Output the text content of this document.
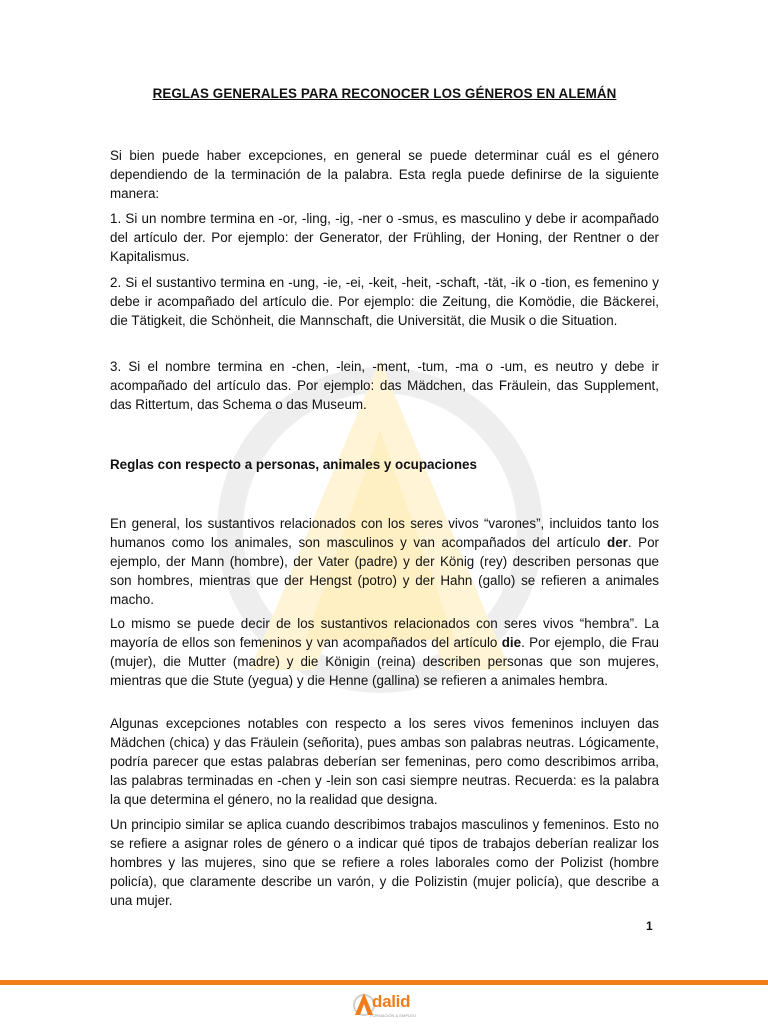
REGLAS GENERALES PARA RECONOCER LOS GÉNEROS EN ALEMÁN

Si bien puede haber excepciones, en general se puede determinar cuál es el género dependiendo de la terminación de la palabra. Esta regla puede definirse de la siguiente manera:

1. Si un nombre termina en -or, -ling, -ig, -ner o -smus, es masculino y debe ir acompañado del artículo der. Por ejemplo: der Generator, der Frühling, der Honing, der Rentner o der Kapitalismus.

2. Si el sustantivo termina en -ung, -ie, -ei, -keit, -heit, -schaft, -tät, -ik o -tion, es femenino y debe ir acompañado del artículo die. Por ejemplo: die Zeitung, die Komödie, die Bäckerei, die Tätigkeit, die Schönheit, die Mannschaft, die Universität, die Musik o die Situation.

3. Si el nombre termina en -chen, -lein, -ment, -tum, -ma o -um, es neutro y debe ir acompañado del artículo das. Por ejemplo: das Mädchen, das Fräulein, das Supplement, das Rittertum, das Schema o das Museum.

Reglas con respecto a personas, animales y ocupaciones

En general, los sustantivos relacionados con los seres vivos “varones”, incluidos tanto los humanos como los animales, son masculinos y van acompañados del artículo der. Por ejemplo, der Mann (hombre), der Vater (padre) y der König (rey) describen personas que son hombres, mientras que der Hengst (potro) y der Hahn (gallo) se refieren a animales macho.

Lo mismo se puede decir de los sustantivos relacionados con seres vivos “hembra”. La mayoría de ellos son femeninos y van acompañados del artículo die. Por ejemplo, die Frau (mujer), die Mutter (madre) y die Königin (reina) describen personas que son mujeres, mientras que die Stute (yegua) y die Henne (gallina) se refieren a animales hembra.

Algunas excepciones notables con respecto a los seres vivos femeninos incluyen das Mädchen (chica) y das Fräulein (señorita), pues ambas son palabras neutras. Lógicamente, podría parecer que estas palabras deberían ser femeninas, pero como describimos arriba, las palabras terminadas en -chen y -lein son casi siempre neutras. Recuerda: es la palabra la que determina el género, no la realidad que designa.

Un principio similar se aplica cuando describimos trabajos masculinos y femeninos. Esto no se refiere a asignar roles de género o a indicar qué tipos de trabajos deberían realizar los hombres y las mujeres, sino que se refiere a roles laborales como der Polizist (hombre policía), que claramente describe un varón, y die Polizistin (mujer policía), que describe a una mujer.

1
dalid
FORMACIÓN & EMPLEO
